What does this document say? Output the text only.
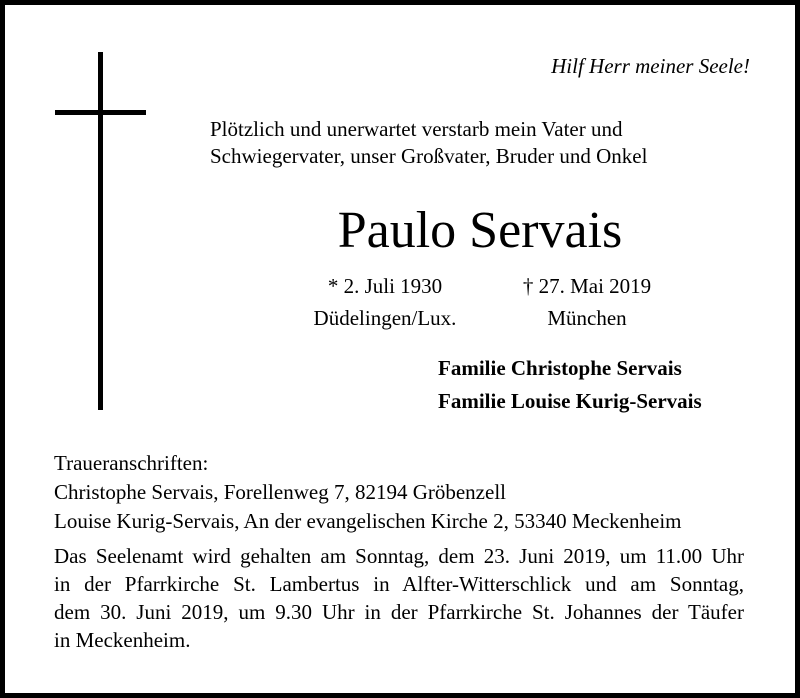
Hilf Herr meiner Seele!
Plötzlich und unerwartet verstarb mein Vater und
Schwiegervater, unser Großvater, Bruder und Onkel
Paulo Servais
* 2. Juli 1930
Düdelingen/Lux.
† 27. Mai 2019
München
Familie Christophe Servais
Familie Louise Kurig-Servais
Traueranschriften:
Christophe Servais, Forellenweg 7, 82194 Gröbenzell
Louise Kurig-Servais, An der evangelischen Kirche 2, 53340 Meckenheim
Das Seelenamt wird gehalten am Sonntag, dem 23. Juni 2019, um 11.00 Uhr
in der Pfarrkirche St. Lambertus in Alfter-Witterschlick und am Sonntag,
dem 30. Juni 2019, um 9.30 Uhr in der Pfarrkirche St. Johannes der Täufer
in Meckenheim.
